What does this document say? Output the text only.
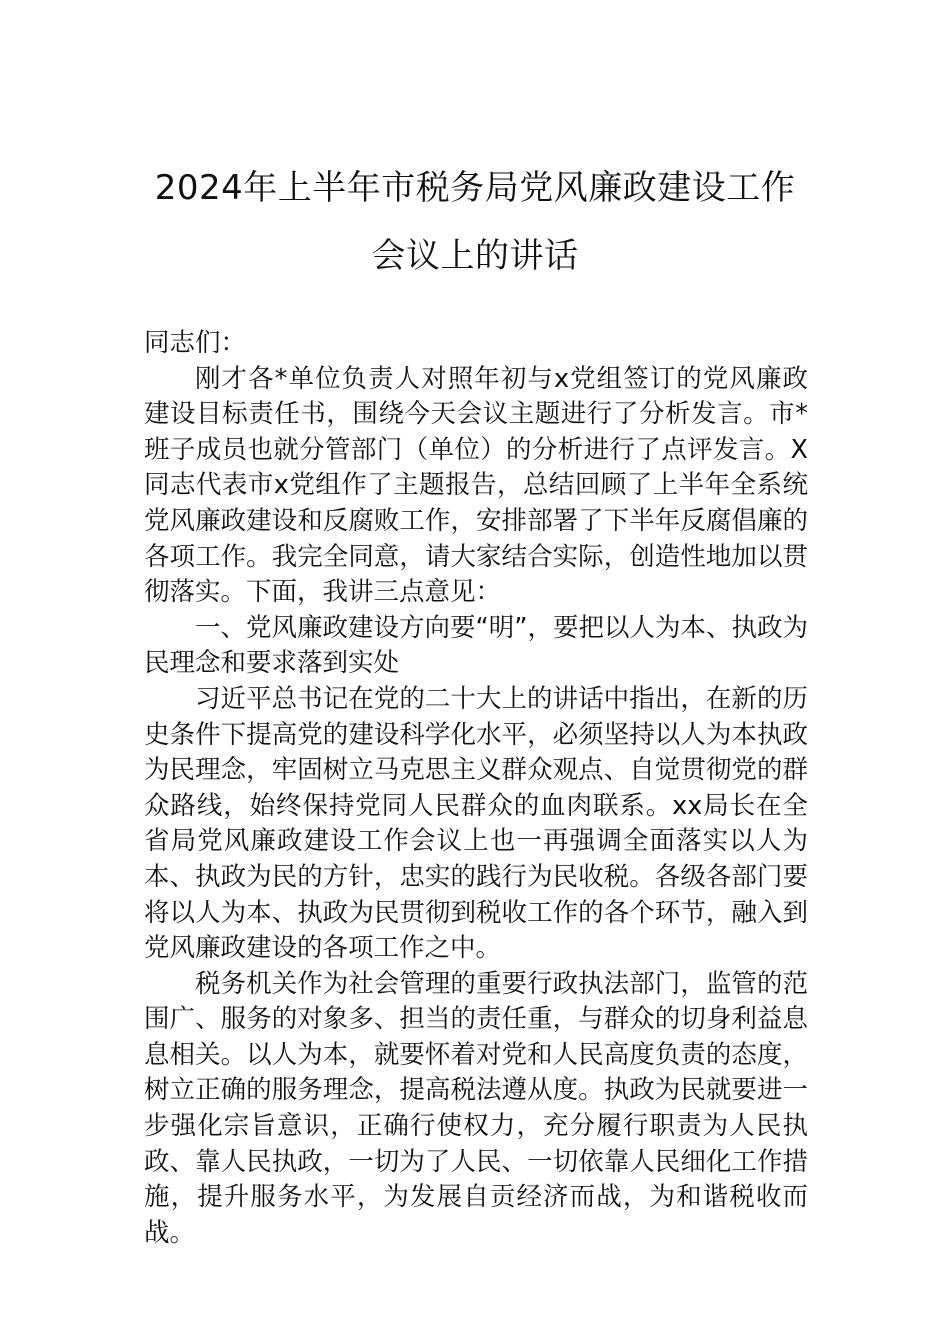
2024年上半年市税务局党风廉政建设工作
会议上的讲话

同志们：

刚才各*单位负责人对照年初与x党组签订的党风廉政建设目标责任书，围绕今天会议主题进行了分析发言。市*班子成员也就分管部门（单位）的分析进行了点评发言。X同志代表市x党组作了主题报告，总结回顾了上半年全系统党风廉政建设和反腐败工作，安排部署了下半年反腐倡廉的各项工作。我完全同意，请大家结合实际，创造性地加以贯彻落实。下面，我讲三点意见：

一、党风廉政建设方向要“明”，要把以人为本、执政为民理念和要求落到实处

习近平总书记在党的二十大上的讲话中指出，在新的历史条件下提高党的建设科学化水平，必须坚持以人为本执政为民理念，牢固树立马克思主义群众观点、自觉贯彻党的群众路线，始终保持党同人民群众的血肉联系。xx局长在全省局党风廉政建设工作会议上也一再强调全面落实以人为本、执政为民的方针，忠实的践行为民收税。各级各部门要将以人为本、执政为民贯彻到税收工作的各个环节，融入到党风廉政建设的各项工作之中。

税务机关作为社会管理的重要行政执法部门，监管的范围广、服务的对象多、担当的责任重，与群众的切身利益息息相关。以人为本，就要怀着对党和人民高度负责的态度，树立正确的服务理念，提高税法遵从度。执政为民就要进一步强化宗旨意识，正确行使权力，充分履行职责为人民执政、靠人民执政，一切为了人民、一切依靠人民细化工作措施，提升服务水平，为发展自贡经济而战，为和谐税收而战。
